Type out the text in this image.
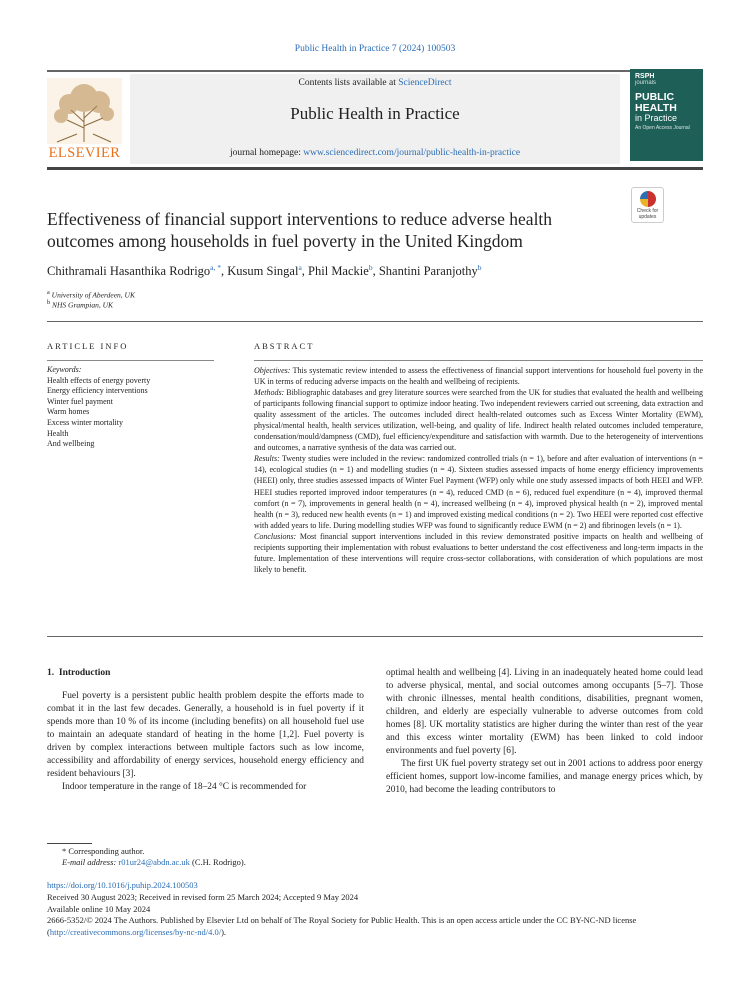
Public Health in Practice 7 (2024) 100503
ELSEVIER
Contents lists available at ScienceDirect
Public Health in Practice
journal homepage: www.sciencedirect.com/journal/public-health-in-practice
RSPH
journals
PUBLIC
HEALTH
in Practice
An Open Access Journal
Effectiveness of financial support interventions to reduce adverse health outcomes among households in fuel poverty in the United Kingdom
Check for updates
Chithramali Hasanthika Rodrigo$^{a, *}$, Kusum Singal$^a$, Phil Mackie$^b$, Shantini Paranjothy$^b$
$^a$ University of Aberdeen, UK
$^b$ NHS Grampian, UK
ARTICLE INFO	ABSTRACT
Keywords:
Health effects of energy poverty
Energy efficiency interventions
Winter fuel payment
Warm homes
Excess winter mortality
Health
And wellbeing

Objectives: This systematic review intended to assess the effectiveness of financial support interventions for household fuel poverty in the UK in terms of reducing adverse impacts on the health and wellbeing of recipients.

Methods: Bibliographic databases and grey literature sources were searched from the UK for studies that evaluated the health and wellbeing of participants following financial support to optimize indoor heating. Two independent reviewers carried out screening, data extraction and quality assessment of the articles. The outcomes included direct health-related outcomes such as Excess Winter Mortality (EWM), physical/mental health, health services utilization, well-being, and quality of life. Indirect health related outcomes included temperature, condensation/mould/dampness (CMD), fuel efficiency/expenditure and satisfaction with warmth. Due to the heterogeneity of interventions and outcomes, a narrative synthesis of the data was carried out.

Results: Twenty studies were included in the review: randomized controlled trials (n = 1), before and after evaluation of interventions (n = 14), ecological studies (n = 1) and modelling studies (n = 4). Sixteen studies assessed impacts of home energy efficiency improvements (HEEI) only, three studies assessed impacts of Winter Fuel Payment (WFP) only while one study assessed impacts of both HEEI and WFP. HEEI studies reported improved indoor temperatures (n = 4), reduced CMD (n = 6), reduced fuel expenditure (n = 4), improved thermal comfort (n = 7), improvements in general health (n = 4), increased wellbeing (n = 4), improved physical health (n = 2), improved mental health (n = 3), reduced new health events (n = 1) and improved existing medical conditions (n = 2). Two HEEI were reported cost effective with added years to life. During modelling studies WFP was found to significantly reduce EWM (n = 2) and fibrinogen levels (n = 1).

Conclusions: Most financial support interventions included in this review demonstrated positive impacts on health and wellbeing of recipients supporting their implementation with robust evaluations to better understand the cost effectiveness and long-term impacts in the future. Implementation of these interventions will require cross-sector collaborations, with consideration of which populations are most likely to benefit.

1. Introduction

Fuel poverty is a persistent public health problem despite the efforts made to combat it in the last few decades. Generally, a household is in fuel poverty if it spends more than 10 % of its income (including benefits) on all household fuel use to maintain an adequate standard of heating in the home [1,2]. Fuel poverty is driven by complex interactions between multiple factors such as low income, accessibility and affordability of energy services, household energy efficiency and resident behaviours [3].

Indoor temperature in the range of 18–24 °C is recommended for

optimal health and wellbeing [4]. Living in an inadequately heated home could lead to adverse physical, mental, and social outcomes among occupants [5–7]. Those with chronic illnesses, mental health conditions, disabilities, pregnant women, children, and elderly are especially vulnerable to adverse outcomes from cold homes [8]. UK mortality statistics are higher during the winter than rest of the year and this excess winter mortality (EWM) has been linked to cold indoor environments and fuel poverty [6].

The first UK fuel poverty strategy set out in 2001 actions to address poor energy efficient homes, support low-income families, and manage energy prices which, by 2010, had become the leading contributors to

* Corresponding author.
E-mail address: r01ur24@abdn.ac.uk (C.H. Rodrigo).
https://doi.org/10.1016/j.puhip.2024.100503
Received 30 August 2023; Received in revised form 25 March 2024; Accepted 9 May 2024
Available online 10 May 2024
2666-5352/© 2024 The Authors. Published by Elsevier Ltd on behalf of The Royal Society for Public Health. This is an open access article under the CC BY-NC-ND license (http://creativecommons.org/licenses/by-nc-nd/4.0/).
